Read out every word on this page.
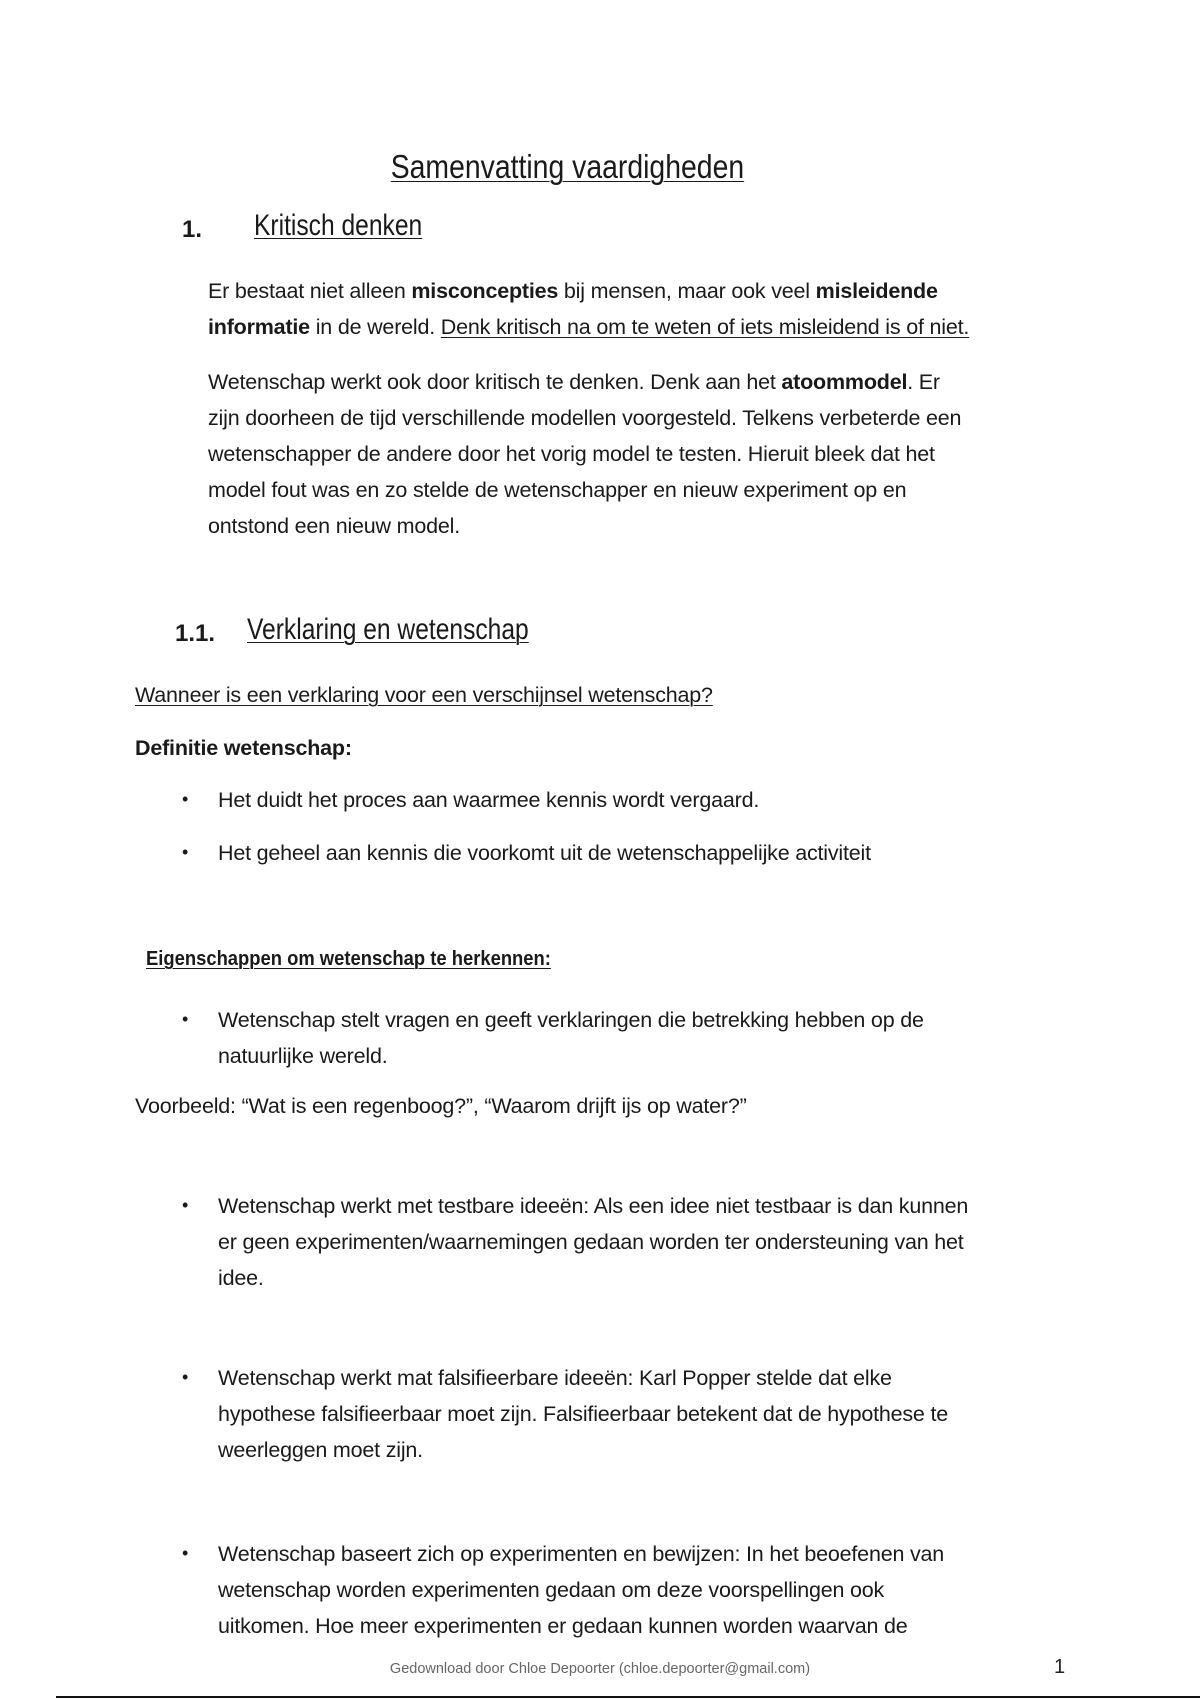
Samenvatting vaardigheden
1. Kritisch denken
Er bestaat niet alleen misconcepties bij mensen, maar ook veel misleidende
informatie in de wereld. Denk kritisch na om te weten of iets misleidend is of niet.
Wetenschap werkt ook door kritisch te denken. Denk aan het atoommodel. Er
zijn doorheen de tijd verschillende modellen voorgesteld. Telkens verbeterde een
wetenschapper de andere door het vorig model te testen. Hieruit bleek dat het
model fout was en zo stelde de wetenschapper en nieuw experiment op en
ontstond een nieuw model.
1.1. Verklaring en wetenschap
Wanneer is een verklaring voor een verschijnsel wetenschap?
Definitie wetenschap:
• Het duidt het proces aan waarmee kennis wordt vergaard.
• Het geheel aan kennis die voorkomt uit de wetenschappelijke activiteit
Eigenschappen om wetenschap te herkennen:
• Wetenschap stelt vragen en geeft verklaringen die betrekking hebben op de
natuurlijke wereld.
Voorbeeld: “Wat is een regenboog?”, “Waarom drijft ijs op water?”
• Wetenschap werkt met testbare ideeën: Als een idee niet testbaar is dan kunnen
er geen experimenten/waarnemingen gedaan worden ter ondersteuning van het
idee.
• Wetenschap werkt mat falsifieerbare ideeën: Karl Popper stelde dat elke
hypothese falsifieerbaar moet zijn. Falsifieerbaar betekent dat de hypothese te
weerleggen moet zijn.
• Wetenschap baseert zich op experimenten en bewijzen: In het beoefenen van
wetenschap worden experimenten gedaan om deze voorspellingen ook
uitkomen. Hoe meer experimenten er gedaan kunnen worden waarvan de
Gedownload door Chloe Depoorter (chloe.depoorter@gmail.com)	1
